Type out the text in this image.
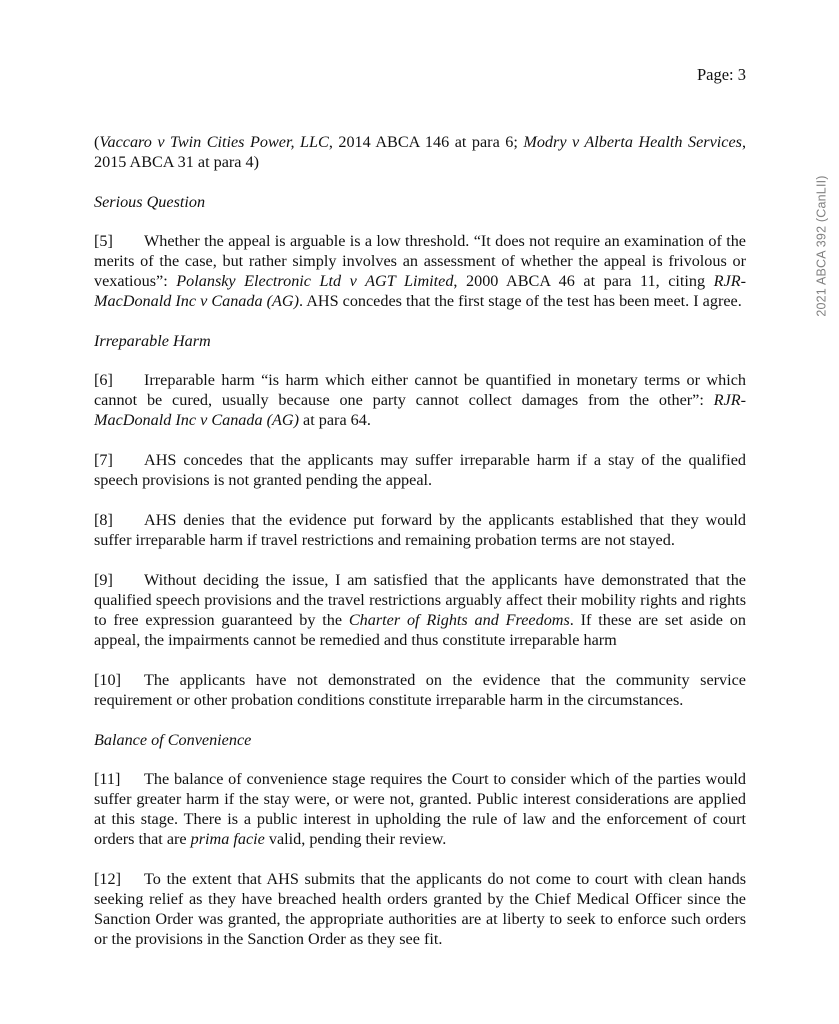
Page: 3
2021 ABCA 392 (CanLII)

(Vaccaro v Twin Cities Power, LLC, 2014 ABCA 146 at para 6; Modry v Alberta Health Services, 2015 ABCA 31 at para 4)

Serious Question

[5] Whether the appeal is arguable is a low threshold. “It does not require an examination of the merits of the case, but rather simply involves an assessment of whether the appeal is frivolous or vexatious”: Polansky Electronic Ltd v AGT Limited, 2000 ABCA 46 at para 11, citing RJR-MacDonald Inc v Canada (AG). AHS concedes that the first stage of the test has been meet. I agree.

Irreparable Harm

[6] Irreparable harm “is harm which either cannot be quantified in monetary terms or which cannot be cured, usually because one party cannot collect damages from the other”: RJR-MacDonald Inc v Canada (AG) at para 64.

[7] AHS concedes that the applicants may suffer irreparable harm if a stay of the qualified speech provisions is not granted pending the appeal.

[8] AHS denies that the evidence put forward by the applicants established that they would suffer irreparable harm if travel restrictions and remaining probation terms are not stayed.

[9] Without deciding the issue, I am satisfied that the applicants have demonstrated that the qualified speech provisions and the travel restrictions arguably affect their mobility rights and rights to free expression guaranteed by the Charter of Rights and Freedoms. If these are set aside on appeal, the impairments cannot be remedied and thus constitute irreparable harm

[10] The applicants have not demonstrated on the evidence that the community service requirement or other probation conditions constitute irreparable harm in the circumstances.

Balance of Convenience

[11] The balance of convenience stage requires the Court to consider which of the parties would suffer greater harm if the stay were, or were not, granted. Public interest considerations are applied at this stage. There is a public interest in upholding the rule of law and the enforcement of court orders that are prima facie valid, pending their review.

[12] To the extent that AHS submits that the applicants do not come to court with clean hands seeking relief as they have breached health orders granted by the Chief Medical Officer since the Sanction Order was granted, the appropriate authorities are at liberty to seek to enforce such orders or the provisions in the Sanction Order as they see fit.
